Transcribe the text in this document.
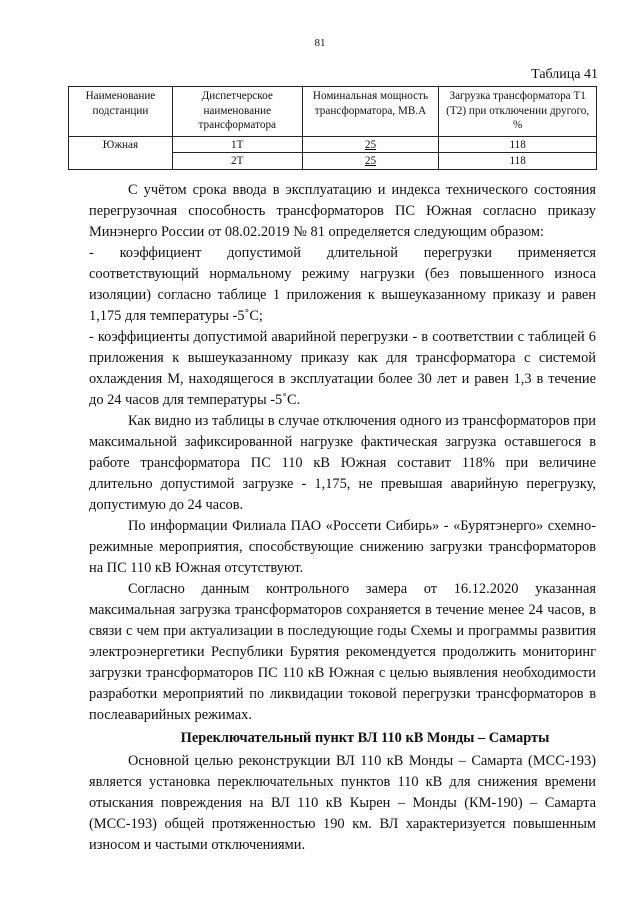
81
Таблица 41
Наименование подстанции	Диспетчерское наименование трансформатора	Номинальная мощность трансформатора, МВ.А	Загрузка трансформатора Т1 (Т2) при отключении другого, %
Южная	1Т	25	118
	2Т	25	118

С учётом срока ввода в эксплуатацию и индекса технического состояния перегрузочная способность трансформаторов ПС Южная согласно приказу Минэнерго России от 08.02.2019 № 81 определяется следующим образом:

- коэффициент допустимой длительной перегрузки применяется соответствующий нормальному режиму нагрузки (без повышенного износа изоляции) согласно таблице 1 приложения к вышеуказанному приказу и равен 1,175 для температуры -5˚С;

- коэффициенты допустимой аварийной перегрузки - в соответствии с таблицей 6 приложения к вышеуказанному приказу как для трансформатора с системой охлаждения М, находящегося в эксплуатации более 30 лет и равен 1,3 в течение до 24 часов для температуры -5˚С.

Как видно из таблицы в случае отключения одного из трансформаторов при максимальной зафиксированной нагрузке фактическая загрузка оставшегося в работе трансформатора ПС 110 кВ Южная составит 118% при величине длительно допустимой загрузке - 1,175, не превышая аварийную перегрузку, допустимую до 24 часов.

По информации Филиала ПАО «Россети Сибирь» - «Бурятэнерго» схемно-режимные мероприятия, способствующие снижению загрузки трансформаторов на ПС 110 кВ Южная отсутствуют.

Согласно данным контрольного замера от 16.12.2020 указанная максимальная загрузка трансформаторов сохраняется в течение менее 24 часов, в связи с чем при актуализации в последующие годы Схемы и программы развития электроэнергетики Республики Бурятия рекомендуется продолжить мониторинг загрузки трансформаторов ПС 110 кВ Южная с целью выявления необходимости разработки мероприятий по ликвидации токовой перегрузки трансформаторов в послеаварийных режимах.

Переключательный пункт ВЛ 110 кВ Монды – Самарты

Основной целью реконструкции ВЛ 110 кВ Монды – Самарта (МСС-193) является установка переключательных пунктов 110 кВ для снижения времени отыскания повреждения на ВЛ 110 кВ Кырен – Монды (КМ-190) – Самарта (МСС-193) общей протяженностью 190 км. ВЛ характеризуется повышенным износом и частыми отключениями.
